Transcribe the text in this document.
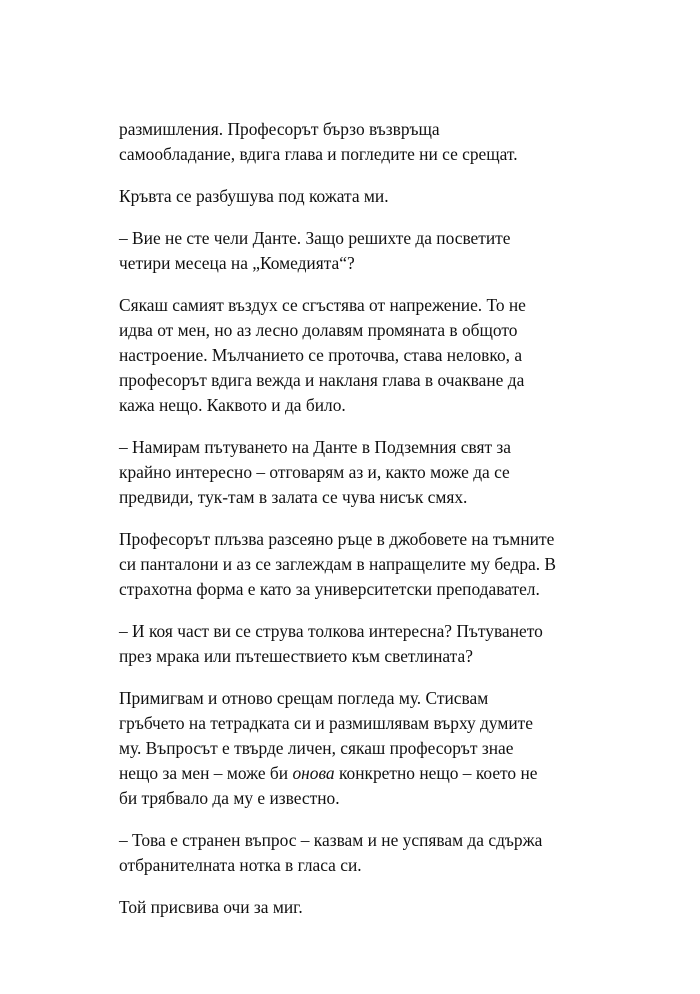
размишления. Професорът бързо възвръща
самообладание, вдига глава и погледите ни се срещат.

Кръвта се разбушува под кожата ми.

– Вие не сте чели Данте. Защо решихте да посветите
четири месеца на „Комедията“?

Сякаш самият въздух се сгъстява от напрежение. То не
идва от мен, но аз лесно долавям промяната в общото
настроение. Мълчанието се проточва, става неловко, а
професорът вдига вежда и накланя глава в очакване да
кажа нещо. Каквото и да било.

– Намирам пътуването на Данте в Подземния свят за
крайно интересно – отговарям аз и, както може да се
предвиди, тук-там в залата се чува нисък смях.

Професорът плъзва разсеяно ръце в джобовете на тъмните
си панталони и аз се заглеждам в напращелите му бедра. В
страхотна форма е като за университетски преподавател.

– И коя част ви се струва толкова интересна? Пътуването
през мрака или пътешествието към светлината?

Примигвам и отново срещам погледа му. Стисвам
гръбчето на тетрадката си и размишлявам върху думите
му. Въпросът е твърде личен, сякаш професорът знае
нещо за мен – може би онова конкретно нещо – което не
би трябвало да му е известно.

– Това е странен въпрос – казвам и не успявам да сдържа
отбранителната нотка в гласа си.

Той присвива очи за миг.
